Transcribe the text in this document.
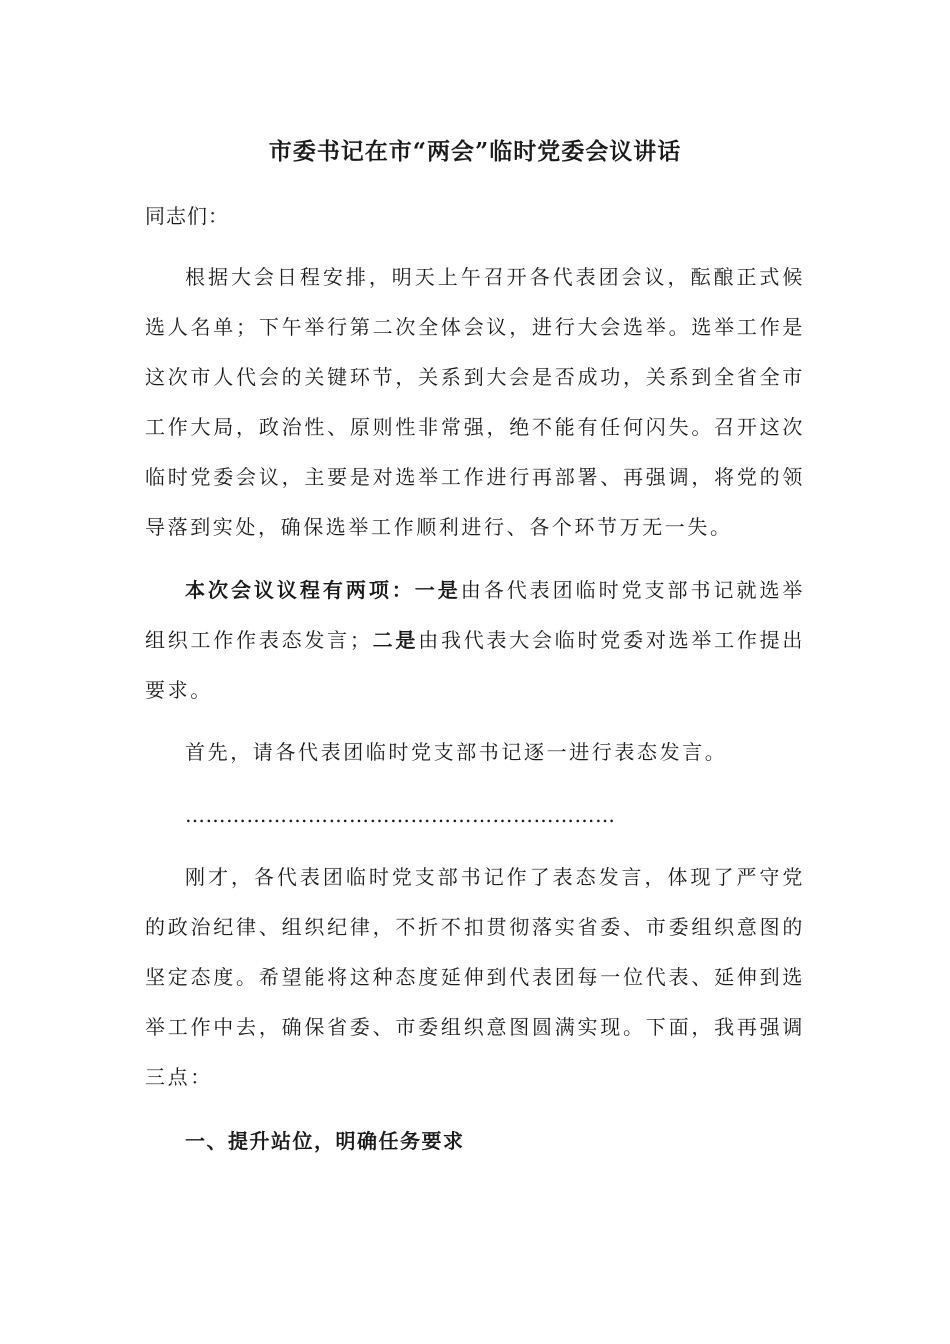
市委书记在市“两会”临时党委会议讲话
同志们：

根据大会日程安排，明天上午召开各代表团会议，酝酿正式候选人名单；下午举行第二次全体会议，进行大会选举。选举工作是这次市人代会的关键环节，关系到大会是否成功，关系到全省全市工作大局，政治性、原则性非常强，绝不能有任何闪失。召开这次临时党委会议，主要是对选举工作进行再部署、再强调，将党的领导落到实处，确保选举工作顺利进行、各个环节万无一失。

本次会议议程有两项：一是由各代表团临时党支部书记就选举组织工作作表态发言；二是由我代表大会临时党委对选举工作提出要求。

首先，请各代表团临时党支部书记逐一进行表态发言。

………………………………………………………

刚才，各代表团临时党支部书记作了表态发言，体现了严守党的政治纪律、组织纪律，不折不扣贯彻落实省委、市委组织意图的坚定态度。希望能将这种态度延伸到代表团每一位代表、延伸到选举工作中去，确保省委、市委组织意图圆满实现。下面，我再强调三点：

一、提升站位，明确任务要求
